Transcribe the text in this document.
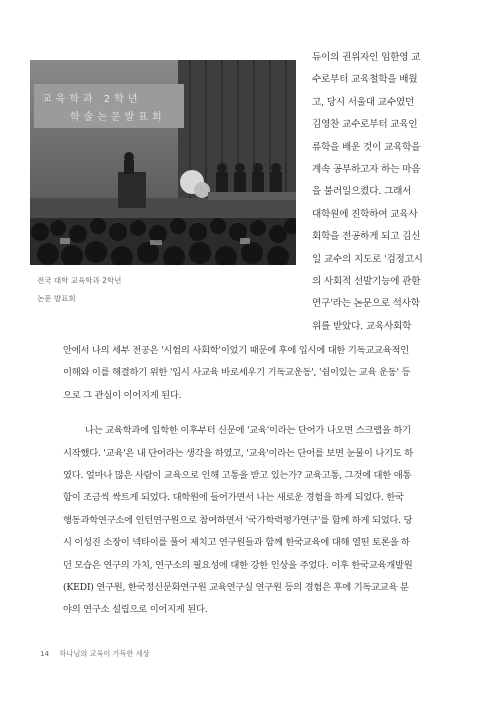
교육학과 2학년
학술논문발표회
전국 대학 교육학과 2학년
논문 발표회
듀이의 권위자인 임한영 교
수로부터 교육철학을 배웠
고, 당시 서울대 교수였던
김영찬 교수로부터 교육인
류학을 배운 것이 교육학을
계속 공부하고자 하는 마음
을 불러일으켰다. 그래서
대학원에 진학하여 교육사
회학을 전공하게 되고 김신
일 교수의 지도로 '검정고시
의 사회적 선발기능에 관한
연구'라는 논문으로 석사학
위를 받았다. 교육사회학
안에서 나의 세부 전공은 '시험의 사회학'이었기 때문에 후에 입시에 대한 기독교교육적인
이해와 이를 해결하기 위한 '입시 사교육 바로세우기 기독교운동', '쉼이있는 교육 운동' 등
으로 그 관심이 이어지게 된다.
나는 교육학과에 입학한 이후부터 신문에 '교육'이라는 단어가 나오면 스크랩을 하기
시작했다. '교육'은 내 단어라는 생각을 하였고, '교육'이라는 단어를 보면 눈물이 나기도 하
였다. 얼마나 많은 사람이 교육으로 인해 고통을 받고 있는가? 교육고통, 그것에 대한 애통
함이 조금씩 싹트게 되었다. 대학원에 들어가면서 나는 새로운 경험을 하게 되었다. 한국
행동과학연구소에 인턴연구원으로 참여하면서 '국가학력평가연구'를 함께 하게 되었다. 당
시 이성진 소장이 넥타이를 풀어 제치고 연구원들과 함께 한국교육에 대해 열띤 토론을 하
던 모습은 연구의 가치, 연구소의 필요성에 대한 강한 인상을 주었다. 이후 한국교육개발원
(KEDI) 연구원, 한국정신문화연구원 교육연구실 연구원 등의 경험은 후에 기독교교육 분
야의 연구소 설립으로 이어지게 된다.
14 하나님의 교육이 가득한 세상
